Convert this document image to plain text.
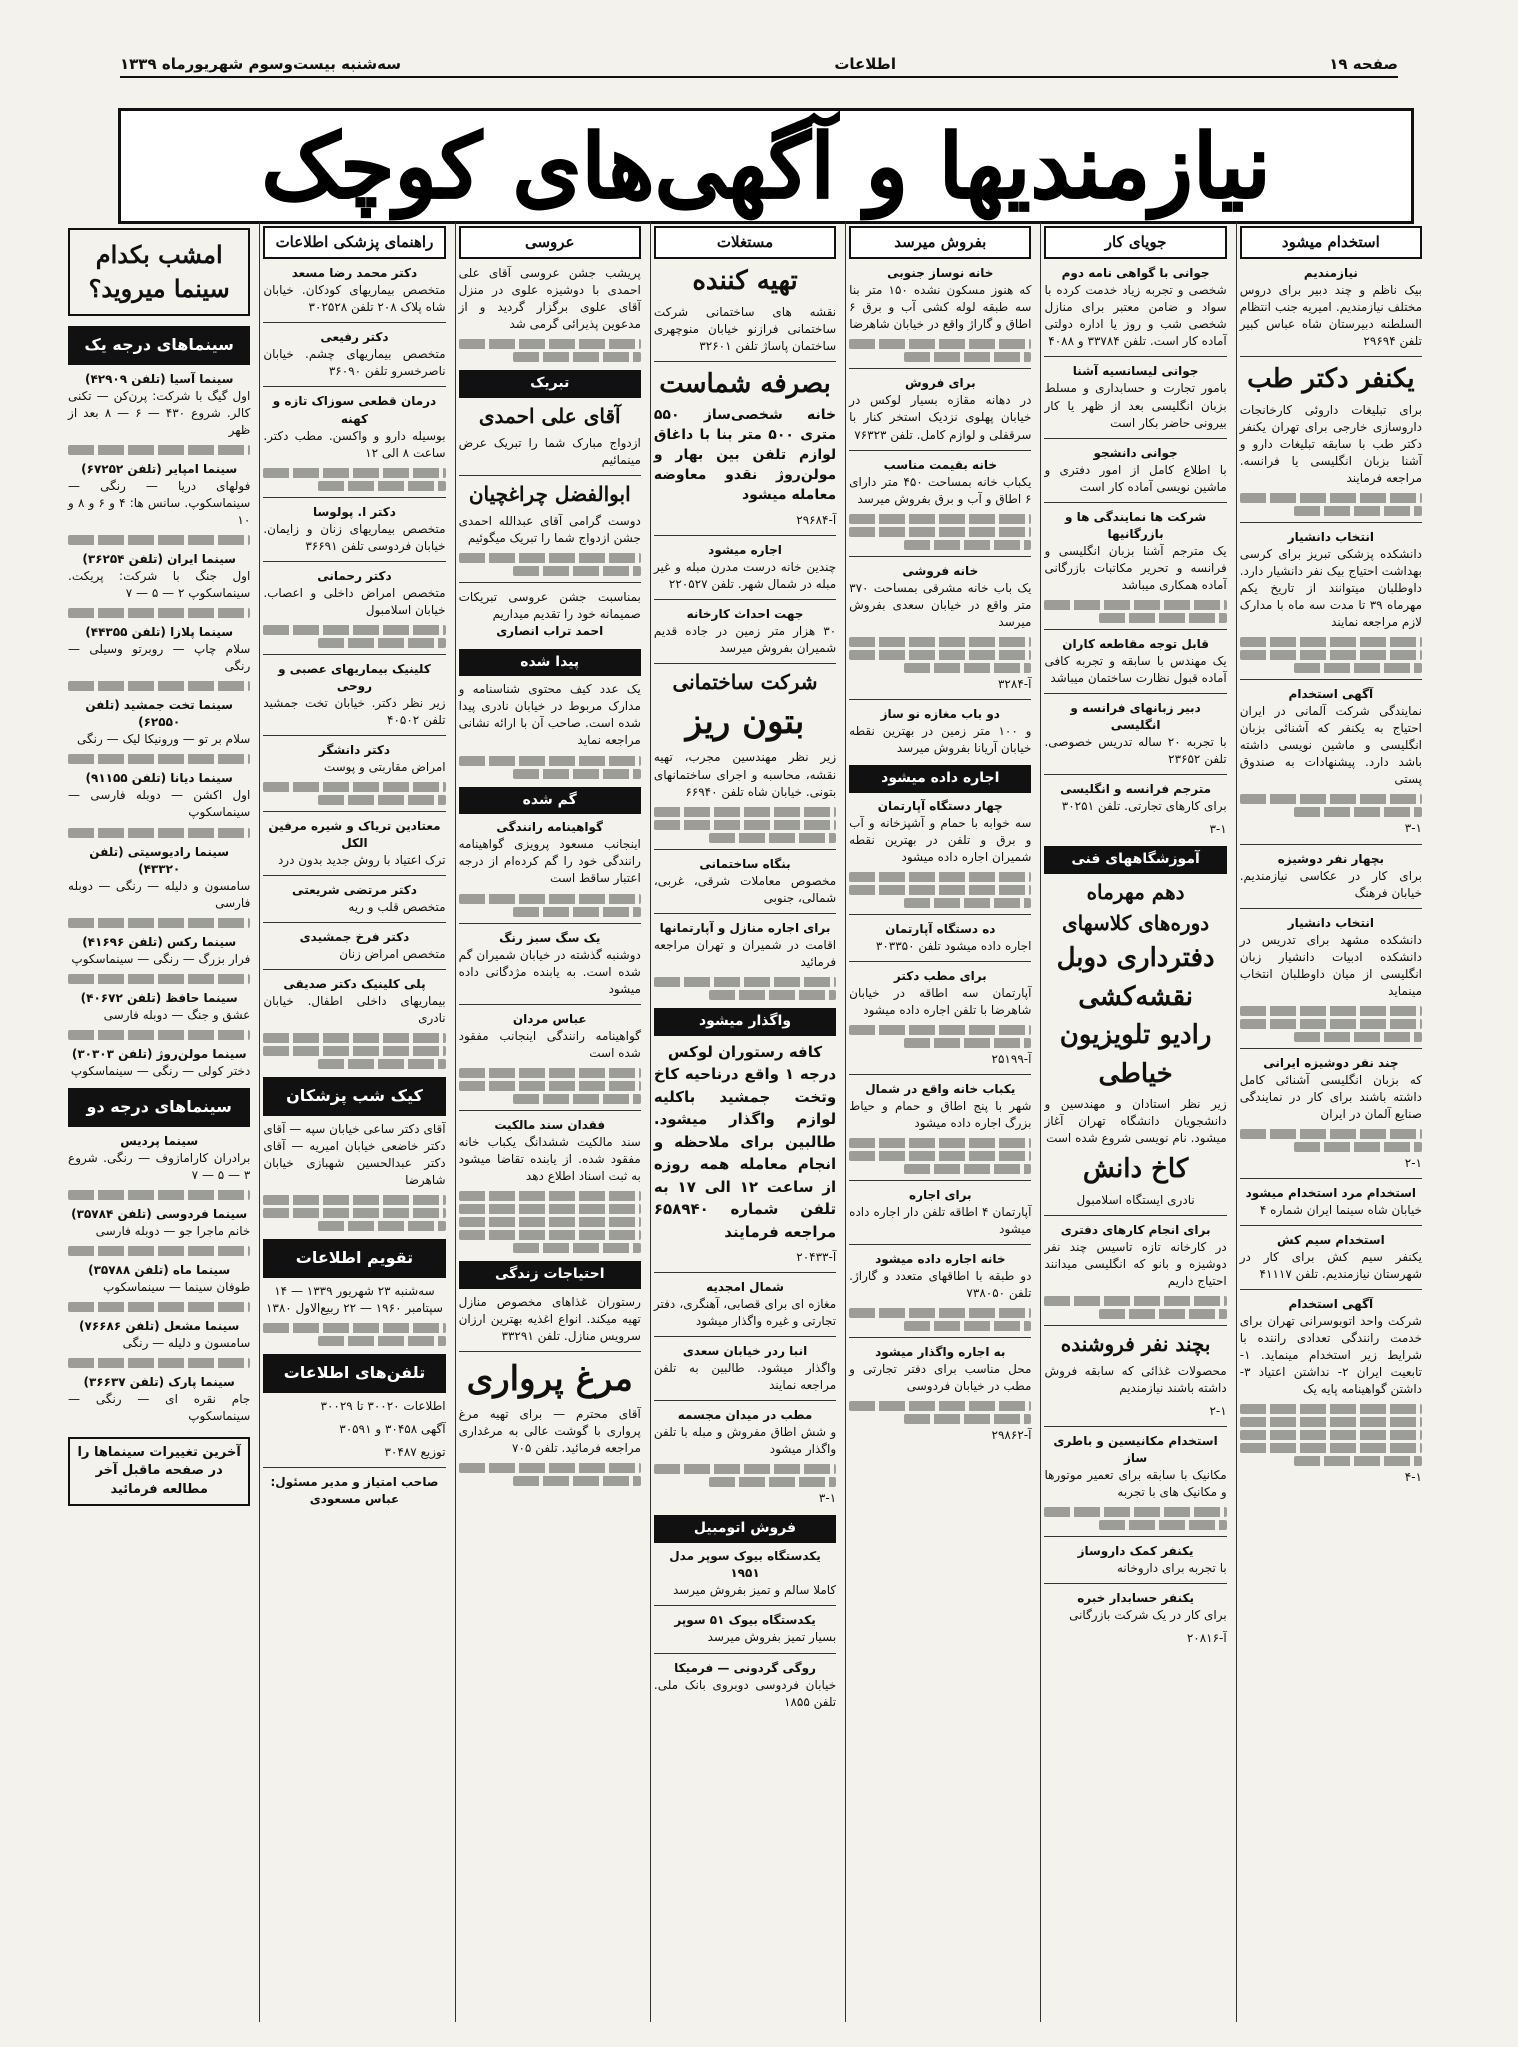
صفحه ۱۹
اطلاعات
سه‌شنبه بیست‌وسوم شهریورماه ۱۳۳۹
نیازمندیها و آگهی‌های کوچک
استخدام میشود
نیازمندیم
بیک ناظم و چند دبیر برای دروس مختلف نیازمندیم. امیریه جنب انتظام السلطنه دبیرستان شاه عباس کبیر تلفن ۲۹۶۹۴
یکنفر دکتر طب
برای تبلیغات داروئی کارخانجات داروسازی خارجی برای تهران یکنفر دکتر طب با سابقه تبلیغات دارو و آشنا بزبان انگلیسی یا فرانسه. مراجعه فرمایند
انتخاب دانشیار
دانشکده پزشکی تبریز برای کرسی بهداشت احتیاج بیک نفر دانشیار دارد. داوطلبان میتوانند از تاریخ یکم مهرماه ۳۹ تا مدت سه ماه با مدارک لازم مراجعه نمایند
آگهی استخدام
نمایندگی شرکت آلمانی در ایران احتیاج به یکنفر که آشنائی بزبان انگلیسی و ماشین نویسی داشته باشد دارد. پیشنهادات به صندوق پستی
۳-۱
بچهار نفر دوشیزه
برای کار در عکاسی نیازمندیم. خیابان فرهنگ
انتخاب دانشیار
دانشکده مشهد برای تدریس در دانشکده ادبیات دانشیار زبان انگلیسی از میان داوطلبان انتخاب مینماید
چند نفر دوشیزه ایرانی
که بزبان انگلیسی آشنائی کامل داشته باشند برای کار در نمایندگی صنایع آلمان در ایران
۲-۱
استخدام مرد استخدام میشود
خیابان شاه سینما ایران شماره ۴
استخدام سیم کش
یکنفر سیم کش برای کار در شهرستان نیازمندیم. تلفن ۴۱۱۱۷
آگهی استخدام
شرکت واحد اتوبوسرانی تهران برای خدمت رانندگی تعدادی راننده با شرایط زیر استخدام مینماید. ۱- تابعیت ایران ۲- نداشتن اعتیاد ۳- داشتن گواهینامه پایه یک
۴-۱
جویای کار
جوانی با گواهی نامه دوم
شخصی و تجربه زیاد خدمت کرده با سواد و ضامن معتبر برای منازل شخصی شب و روز یا اداره دولتی آماده کار است. تلفن ۳۳۷۸۴ و ۴۰۸۸
جوانی لیسانسیه آشنا
بامور تجارت و حسابداری و مسلط بزبان انگلیسی بعد از ظهر یا کار بیرونی حاضر بکار است
جوانی دانشجو
با اطلاع کامل از امور دفتری و ماشین نویسی آماده کار است
شرکت ها نمایندگی ها و بازرگانیها
یک مترجم آشنا بزبان انگلیسی و فرانسه و تحریر مکاتبات بازرگانی آماده همکاری میباشد
قابل توجه مقاطعه کاران
یک مهندس با سابقه و تجربه کافی آماده قبول نظارت ساختمان میباشد
دبیر زبانهای فرانسه و انگلیسی
با تجربه ۲۰ ساله تدریس خصوصی. تلفن ۲۳۶۵۲
مترجم فرانسه و انگلیسی
برای کارهای تجارتی. تلفن ۳۰۲۵۱
۳-۱
آموزشگاههای فنی
دهم مهرماه
دوره‌های کلاسهای
دفترداری دوبل
نقشه‌کشی
رادیو تلویزیون
خیاطی
زیر نظر استادان و مهندسین و دانشجویان دانشگاه تهران آغاز میشود. نام نویسی شروع شده است
کاخ دانش
نادری ایستگاه اسلامبول
برای انجام کارهای دفتری
در کارخانه تازه تاسیس چند نفر دوشیزه و بانو که انگلیسی میدانند احتیاج داریم
بچند نفر فروشنده
محصولات غذائی که سابقه فروش داشته باشند نیازمندیم
۲-۱
استخدام مکانیسین و باطری ساز
مکانیک با سابقه برای تعمیر موتورها و مکانیک های با تجربه
یکنفر کمک داروساز
با تجربه برای داروخانه
یکنفر حسابدار خبره
برای کار در یک شرکت بازرگانی
آ-۲۰۸۱۶
بفروش میرسد
خانه نوساز جنوبی
که هنوز مسکون نشده ۱۵۰ متر بنا سه طبقه لوله کشی آب و برق ۶ اطاق و گاراژ واقع در خیابان شاهرضا
برای فروش
در دهانه مقازه بسیار لوکس در خیابان پهلوی نزدیک استخر کنار با سرقفلی و لوازم کامل. تلفن ۷۶۳۲۳
خانه بقیمت مناسب
یکباب خانه بمساحت ۴۵۰ متر دارای ۶ اطاق و آب و برق بفروش میرسد
خانه فروشی
یک باب خانه مشرقی بمساحت ۳۷۰ متر واقع در خیابان سعدی بفروش میرسد
آ-۳۲۸۴
دو باب مغازه نو ساز
و ۱۰۰ متر زمین در بهترین نقطه خیابان آریانا بفروش میرسد
اجاره داده میشود
چهار دستگاه آپارتمان
سه خوابه با حمام و آشپزخانه و آب و برق و تلفن در بهترین نقطه شمیران اجاره داده میشود
ده دستگاه آپارتمان
اجاره داده میشود تلفن ۳۰۳۳۵۰
برای مطب دکتر
آپارتمان سه اطاقه در خیابان شاهرضا با تلفن اجاره داده میشود
آ-۲۵۱۹۹
یکباب خانه واقع در شمال
شهر با پنج اطاق و حمام و حیاط بزرگ اجاره داده میشود
برای اجاره
آپارتمان ۴ اطاقه تلفن دار اجاره داده میشود
خانه اجاره داده میشود
دو طبقه با اطاقهای متعدد و گاراژ. تلفن ۷۳۸۰۵۰
به اجاره واگذار میشود
محل مناسب برای دفتر تجارتی و مطب در خیابان فردوسی
آ-۲۹۸۶۲
مستغلات
تهیه کننده
نقشه های ساختمانی شرکت ساختمانی فرازنو خیابان منوچهری ساختمان پاساژ تلفن ۳۲۶۰۱
بصرفه شماست
خانه شخصی‌ساز ۵۵۰ متری ۵۰۰ متر بنا با داغاق لوازم تلفن بین بهار و مولن‌روژ نقدو معاوضه معامله میشود
آ-۲۹۶۸۴
اجاره میشود
چندین خانه درست مدرن مبله و غیر مبله در شمال شهر. تلفن ۲۲۰۵۲۷
جهت احداث کارخانه
۳۰ هزار متر زمین در جاده قدیم شمیران بفروش میرسد
شرکت ساختمانی
بتون ریز
زیر نظر مهندسین مجرب، تهیه نقشه، محاسبه و اجرای ساختمانهای بتونی. خیابان شاه تلفن ۶۶۹۴۰
بنگاه ساختمانی
مخصوص معاملات شرقی، غربی، شمالی، جنوبی
برای اجاره منازل و آپارتمانها
اقامت در شمیران و تهران مراجعه فرمائید
واگذار میشود
کافه رستوران لوکس
درجه ۱ واقع درناحیه کاخ وتخت جمشید باکلیه لوازم واگذار میشود. طالبین برای ملاحظه و انجام معامله همه روزه از ساعت ۱۲ الی ۱۷ به تلفن شماره ۶۵۸۹۴۰ مراجعه فرمایند
آ-۲۰۴۳۳
شمال امجدیه
مغازه ای برای قصابی، آهنگری، دفتر تجارتی و غیره واگذار میشود
انبا ردر خیابان سعدی
واگذار میشود. طالبین به تلفن مراجعه نمایند
مطب در میدان مجسمه
و شش اطاق مفروش و مبله با تلفن واگذار میشود
۳-۱
فروش اتومبیل
یکدستگاه بیوک سوپر مدل ۱۹۵۱
کاملا سالم و تمیز بفروش میرسد
یکدستگاه بیوک ۵۱ سوپر
بسیار تمیز بفروش میرسد
روگی گردونی — فرمیکا
خیابان فردوسی دوبروی بانک ملی. تلفن ۱۸۵۵
عروسی
پریشب جشن عروسی آقای علی احمدی با دوشیزه علوی در منزل آقای علوی برگزار گردید و از مدعوین پذیرائی گرمی شد
تبریک
آقای علی احمدی
ازدواج مبارک شما را تبریک عرض مینمائیم
ابوالفضل چراغچیان
دوست گرامی آقای عبدالله احمدی جشن ازدواج شما را تبریک میگوئیم
بمناسبت جشن عروسی تبریکات صمیمانه خود را تقدیم میداریم
احمد تراب انصاری
پیدا شده
یک عدد کیف محتوی شناسنامه و مدارک مربوط در خیابان نادری پیدا شده است. صاحب آن با ارائه نشانی مراجعه نماید
گم شده
گواهینامه رانندگی
اینجانب مسعود پرویزی گواهینامه رانندگی خود را گم کرده‌ام از درجه اعتبار ساقط است
یک سگ سبز رنگ
دوشنبه گذشته در خیابان شمیران گم شده است. به یابنده مژدگانی داده میشود
عباس مردان
گواهینامه رانندگی اینجانب مفقود شده است
فقدان سند مالکیت
سند مالکیت ششدانگ یکباب خانه مفقود شده. از یابنده تقاضا میشود به ثبت اسناد اطلاع دهد
احتیاجات زندگی
رستوران غذاهای مخصوص منازل تهیه میکند. انواع اغذیه بهترین ارزان سرویس منازل. تلفن ۳۳۲۹۱
مرغ پرواری
آقای محترم — برای تهیه مرغ پرواری با گوشت عالی به مرغداری مراجعه فرمائید. تلفن ۷۰۵
راهنمای پزشکی اطلاعات
دکتر محمد رضا مسعد
متخصص بیماریهای کودکان. خیابان شاه پلاک ۲۰۸ تلفن ۳۰۲۵۲۸
دکتر رفیعی
متخصص بیماریهای چشم. خیابان ناصرخسرو تلفن ۳۶۰۹۰
درمان قطعی سوزاک تازه و کهنه
بوسیله دارو و واکسن. مطب دکتر. ساعت ۸ الی ۱۲
دکتر ا. پولوسا
متخصص بیماریهای زنان و زایمان. خیابان فردوسی تلفن ۳۶۶۹۱
دکتر رحمانی
متخصص امراض داخلی و اعصاب. خیابان اسلامبول
کلینیک بیماریهای عصبی و روحی
زیر نظر دکتر. خیابان تخت جمشید تلفن ۴۰۵۰۲
دکتر دانشگر
امراض مقاربتی و پوست
معتادین تریاک و شیره مرفین الکل
ترک اعتیاد با روش جدید بدون درد
دکتر مرتضی شریعتی
متخصص قلب و ریه
دکتر فرخ جمشیدی
متخصص امراض زنان
پلی کلینیک دکتر صدیقی
بیماریهای داخلی اطفال. خیابان نادری
کیک شب پزشکان
آقای دکتر ساعی خیابان سپه — آقای دکتر خاضعی خیابان امیریه — آقای دکتر عبدالحسین شهبازی خیابان شاهرضا
تقویم اطلاعات
سه‌شنبه ۲۳ شهریور ۱۳۳۹ — ۱۴ سپتامبر ۱۹۶۰ — ۲۲ ربیع‌الاول ۱۳۸۰
تلفن‌های اطلاعات
اطلاعات ۳۰۰۲۰ تا ۳۰۰۲۹
آگهی ۳۰۴۵۸ و ۳۰۵۹۱
توزیع ۳۰۴۸۷
صاحب امتیاز و مدیر مسئول: عباس مسعودی
امشب بکدام سینما میروید؟
سینماهای درجه یک
سینما آسیا (تلفن ۴۲۹۰۹)
اول گیگ با شرکت: پرن‌کن — تکنی کالر. شروع ۴۳۰ — ۶ — ۸ بعد از ظهر
سینما امپایر (تلفن ۶۷۲۵۲)
فولهای دریا — رنگی — سینماسکوپ. سانس ها: ۴ و ۶ و ۸ و ۱۰
سینما ایران (تلفن ۳۶۲۵۴)
اول جنگ با شرکت: پریکت. سینماسکوپ ۲ — ۵ — ۷
سینما پلازا (تلفن ۴۴۳۵۵)
سلام چاپ — روبرتو وسیلی — رنگی
سینما تخت جمشید (تلفن ۶۲۵۵۰)
سلام بر تو — ورونیکا لیک — رنگی
سینما دیانا (تلفن ۹۱۱۵۵)
اول اکشن — دوبله فارسی — سینماسکوپ
سینما رادیوسیتی (تلفن ۴۳۳۲۰)
سامسون و دلیله — رنگی — دوبله فارسی
سینما رکس (تلفن ۴۱۶۹۶)
فرار بزرگ — رنگی — سینماسکوپ
سینما حافظ (تلفن ۴۰۶۷۲)
عشق و جنگ — دوبله فارسی
سینما مولن‌روژ (تلفن ۳۰۳۰۳)
دختر کولی — رنگی — سینماسکوپ
سینماهای درجه دو
سینما پردیس
برادران کارامازوف — رنگی. شروع ۳ — ۵ — ۷
سینما فردوسی (تلفن ۳۵۷۸۴)
خانم ماجرا جو — دوبله فارسی
سینما ماه (تلفن ۳۵۷۸۸)
طوفان سینما — سینماسکوپ
سینما مشعل (تلفن ۷۶۶۸۶)
سامسون و دلیله — رنگی
سینما پارک (تلفن ۳۶۶۳۷)
جام نقره ای — رنگی — سینماسکوپ
آخرین تغییرات سینماها را در صفحه ماقبل آخر مطالعه فرمائید
